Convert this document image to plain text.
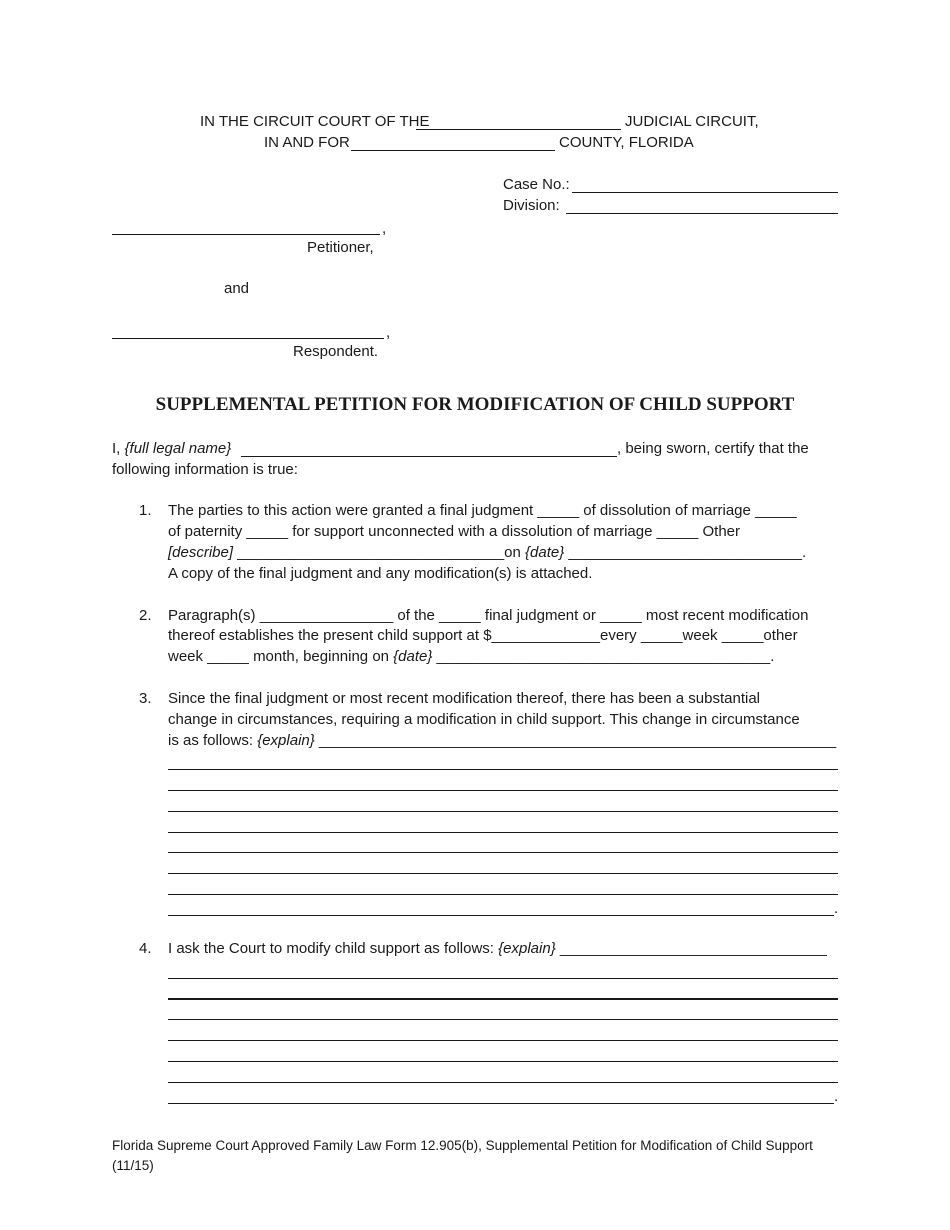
IN THE CIRCUIT COURT OF THE	JUDICIAL CIRCUIT,
IN AND FOR	COUNTY, FLORIDA
Case No.:
Division:
,
Petitioner,
and
,
Respondent.
SUPPLEMENTAL PETITION FOR MODIFICATION OF CHILD SUPPORT
I, {full legal name}	, being sworn, certify that the
following information is true:
1. The parties to this action were granted a final judgment _____ of dissolution of marriage _____
of paternity _____ for support unconnected with a dissolution of marriage _____ Other
[describe] ________________________________on {date} ____________________________.
A copy of the final judgment and any modification(s) is attached.
2. Paragraph(s) ________________ of the _____ final judgment or _____ most recent modification
thereof establishes the present child support at $_____________every _____week _____other
week _____ month, beginning on {date} ________________________________________.
3. Since the final judgment or most recent modification thereof, there has been a substantial
change in circumstances, requiring a modification in child support. This change in circumstance
is as follows: {explain} ______________________________________________________________
.
4. I ask the Court to modify child support as follows: {explain} ________________________________
.
Florida Supreme Court Approved Family Law Form 12.905(b), Supplemental Petition for Modification of Child Support (11/15)
